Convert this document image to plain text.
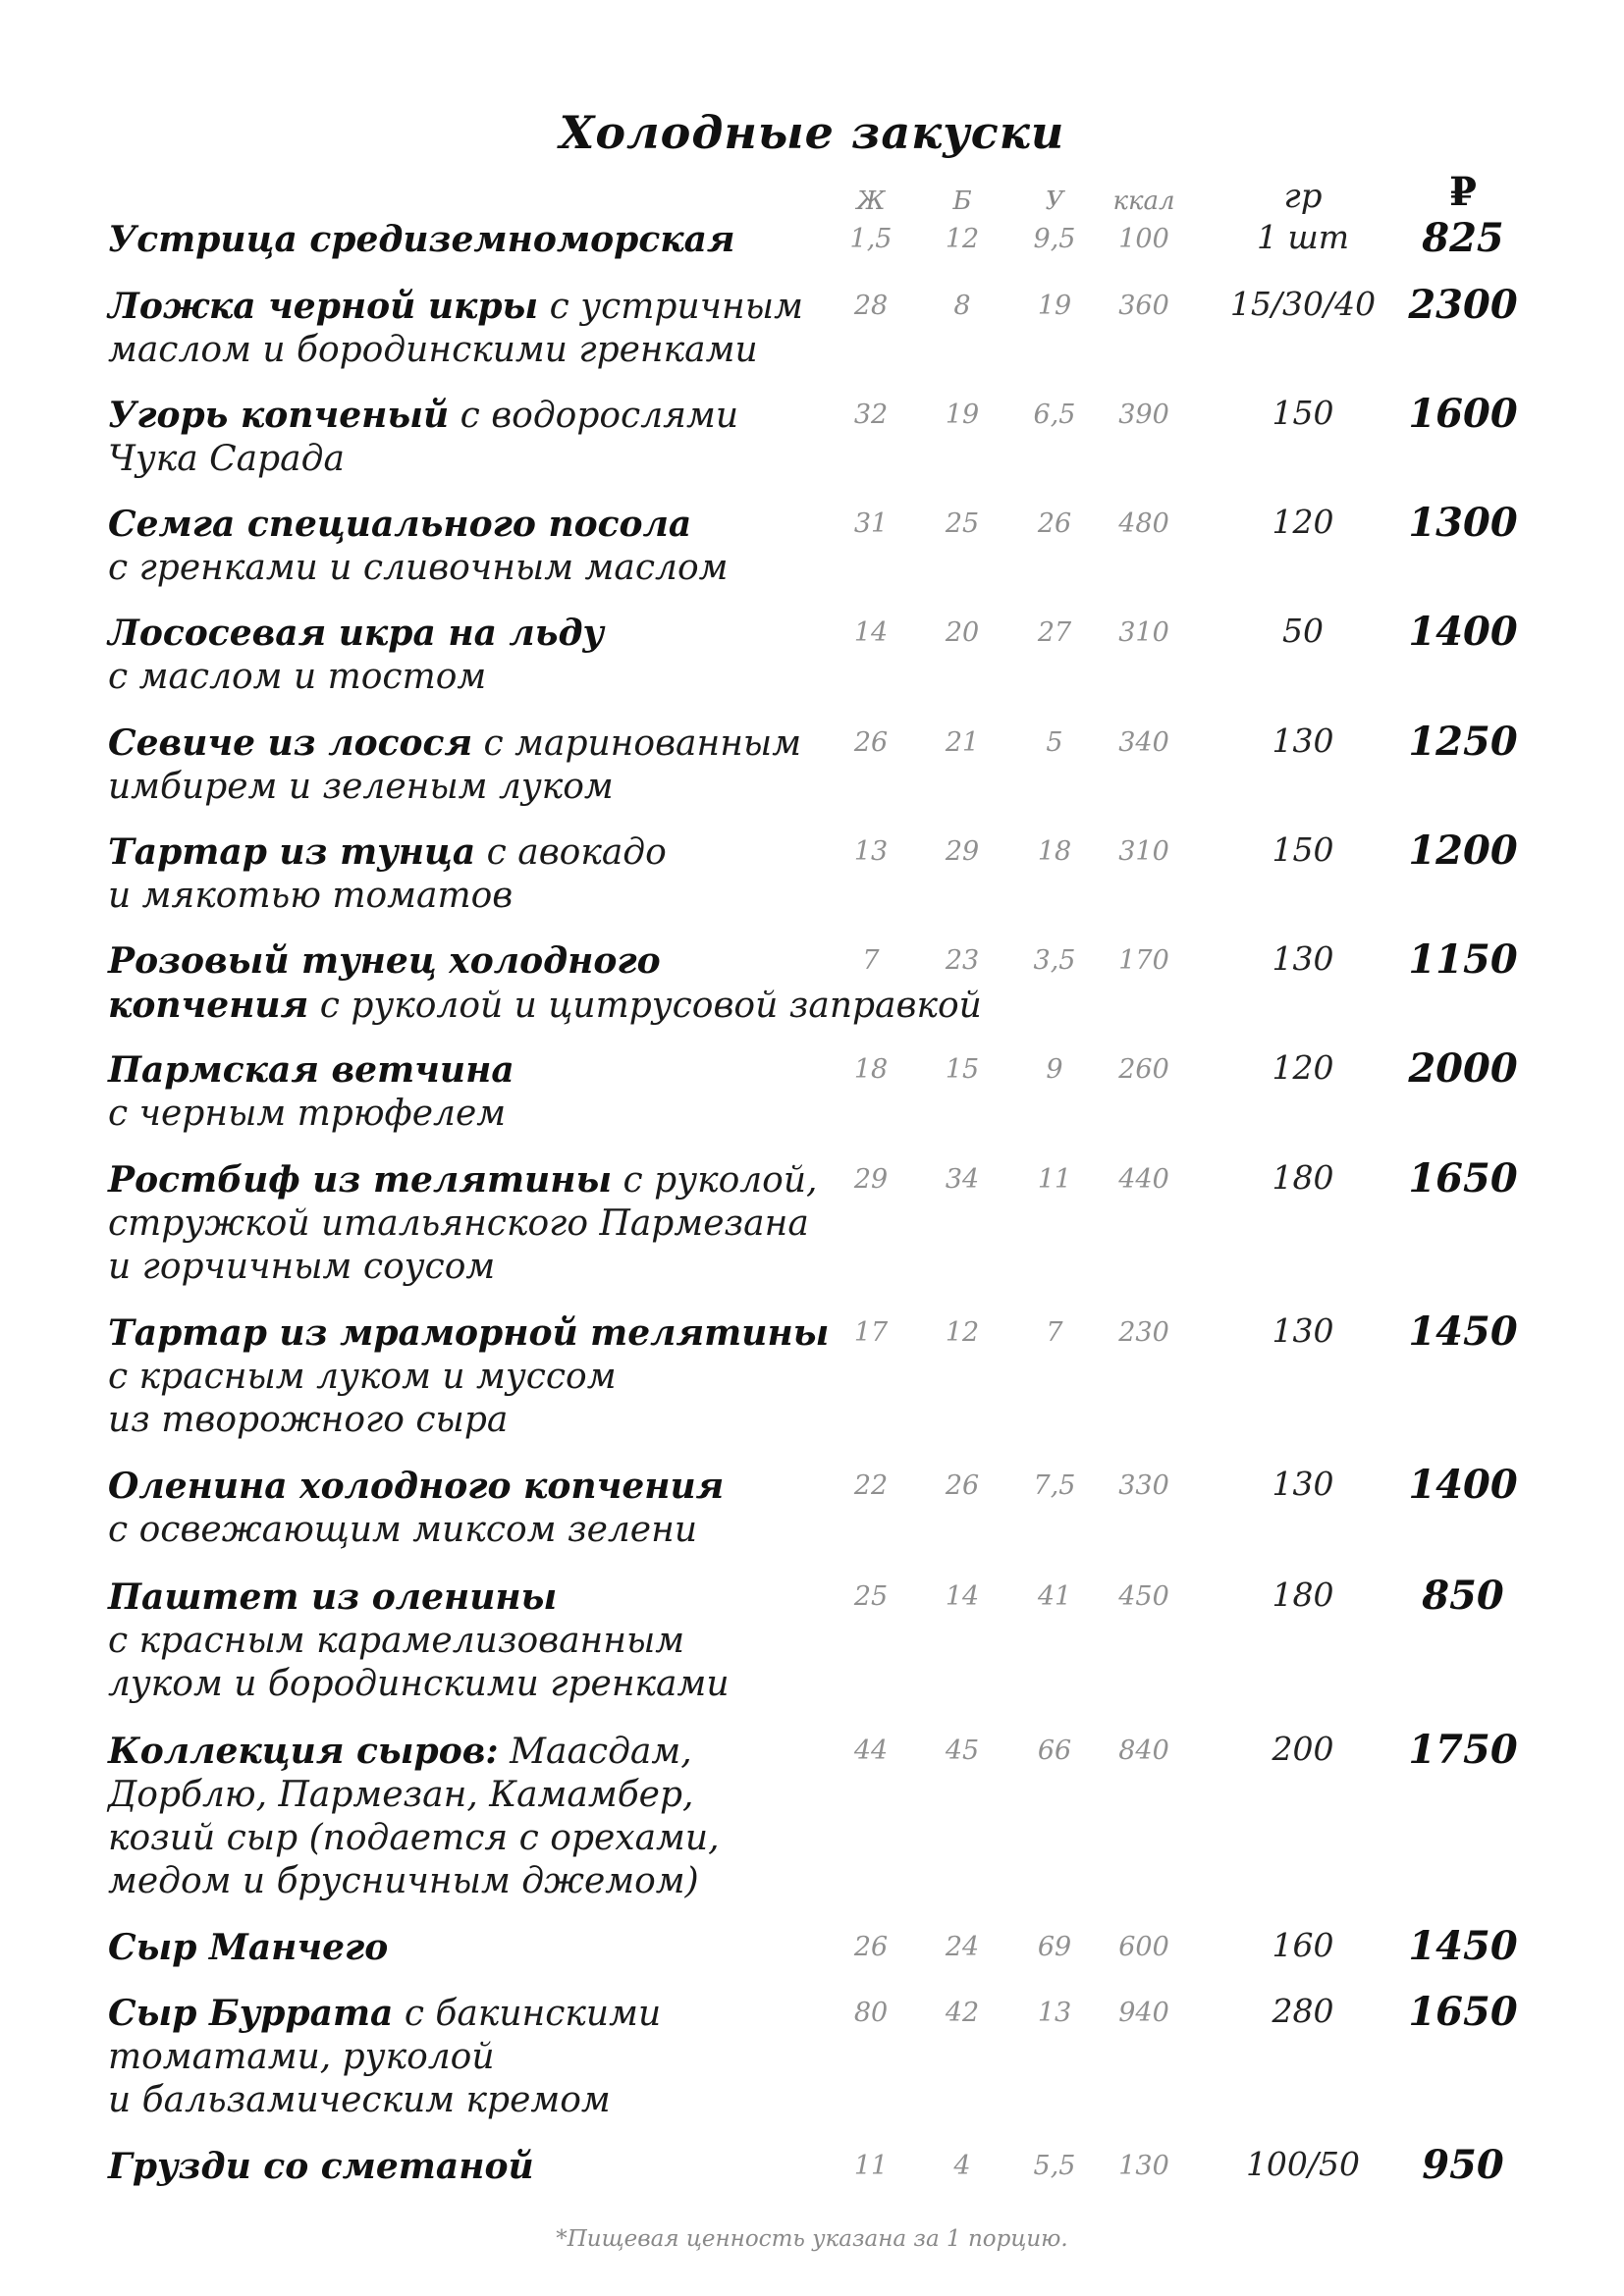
Холодные закуски
Ж	Б	У	ккал	гр	₽
Устрица средиземноморская	1,5	12	9,5	100	1 шт	825
Ложка черной икры с устричным
маслом и бородинскими гренками
28	8	19	360	15/30/40 2300
Угорь копченый с водорослями
Чука Сарада
32	19	6,5	390	150	1600
Семга специального посола
с гренками и сливочным маслом
31	25	26	480	120	1300
Лососевая икра на льду
с маслом и тостом
14	20	27	310	50	1400
Севиче из лосося с маринованным
имбирем и зеленым луком
26	21	5	340	130	1250
Тартар из тунца с авокадо
и мякотью томатов
13	29	18	310	150	1200
Розовый тунец холодного
копчения с руколой и цитрусовой заправкой
7	23	3,5	170	130	1150
Пармская ветчина
с черным трюфелем
18	15	9	260	120	2000
Ростбиф из телятины с руколой,
стружкой итальянского Пармезана
и горчичным соусом
29	34	11	440	180	1650
Тартар из мраморной телятины
с красным луком и муссом
из творожного сыра
17	12	7	230	130	1450
Оленина холодного копчения
с освежающим миксом зелени
22	26	7,5	330	130	1400
Паштет из оленины
с красным карамелизованным
луком и бородинскими гренками
25	14	41	450	180	850
Коллекция сыров: Маасдам,
Дорблю, Пармезан, Камамбер,
козий сыр (подается с орехами,
медом и брусничным джемом)
44	45	66	840	200	1750
Сыр Манчего	26	24	69	600	160	1450
Сыр Буррата с бакинскими
томатами, руколой
и бальзамическим кремом
80	42	13	940	280	1650
Грузди со сметаной	11	4	5,5	130	100/50	950
*Пищевая ценность указана за 1 порцию.
